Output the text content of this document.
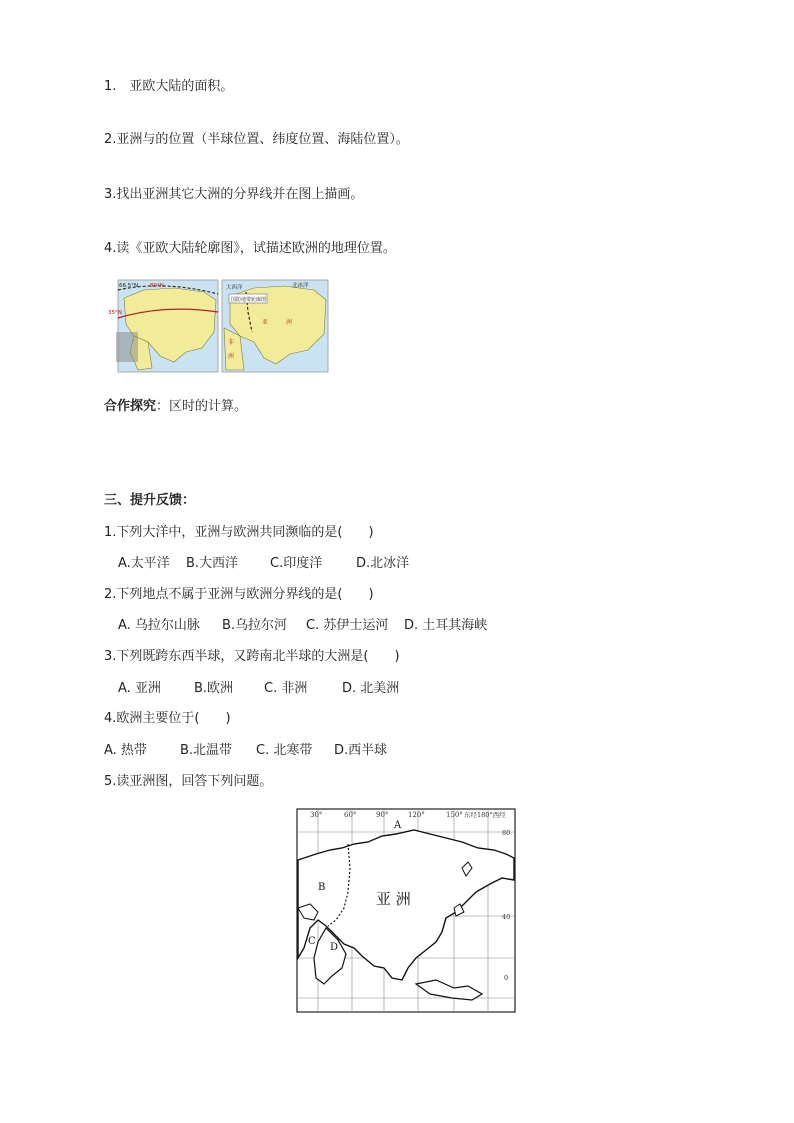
1.　亚欧大陆的面积。
2.亚洲与的位置（半球位置、纬度位置、海陆位置）。
3.找出亚洲其它大洲的分界线并在图上描画。
4.读《亚欧大陆轮廓图》，试描述欧洲的地理位置。
66.5°N 80°N
35°N
北冰洋
大西洋
国防地带轮廓图
亚	洲
非
洲
合作探究：区时的计算。
三、提升反馈：
1.下列大洋中，亚洲与欧洲共同濒临的是(　　)
A.太平洋 B.大西洋 C.印度洋	D.北冰洋
2.下列地点不属于亚洲与欧洲分界线的是(　　)
A. 乌拉尔山脉 B.乌拉尔河 C. 苏伊士运河 D. 土耳其海峡
3.下列既跨东西半球，又跨南北半球的大洲是(　　)
A. 亚洲	B.欧洲 C. 非洲	D. 北美洲
4.欧洲主要位于(　　)
A. 热带	B.北温带 C. 北寒带 D.西半球
5.读亚洲图，回答下列问题。
30°	60°	90°	120°	150° 东经180°西经
80
40
0
亚 洲
A
B
C
D
